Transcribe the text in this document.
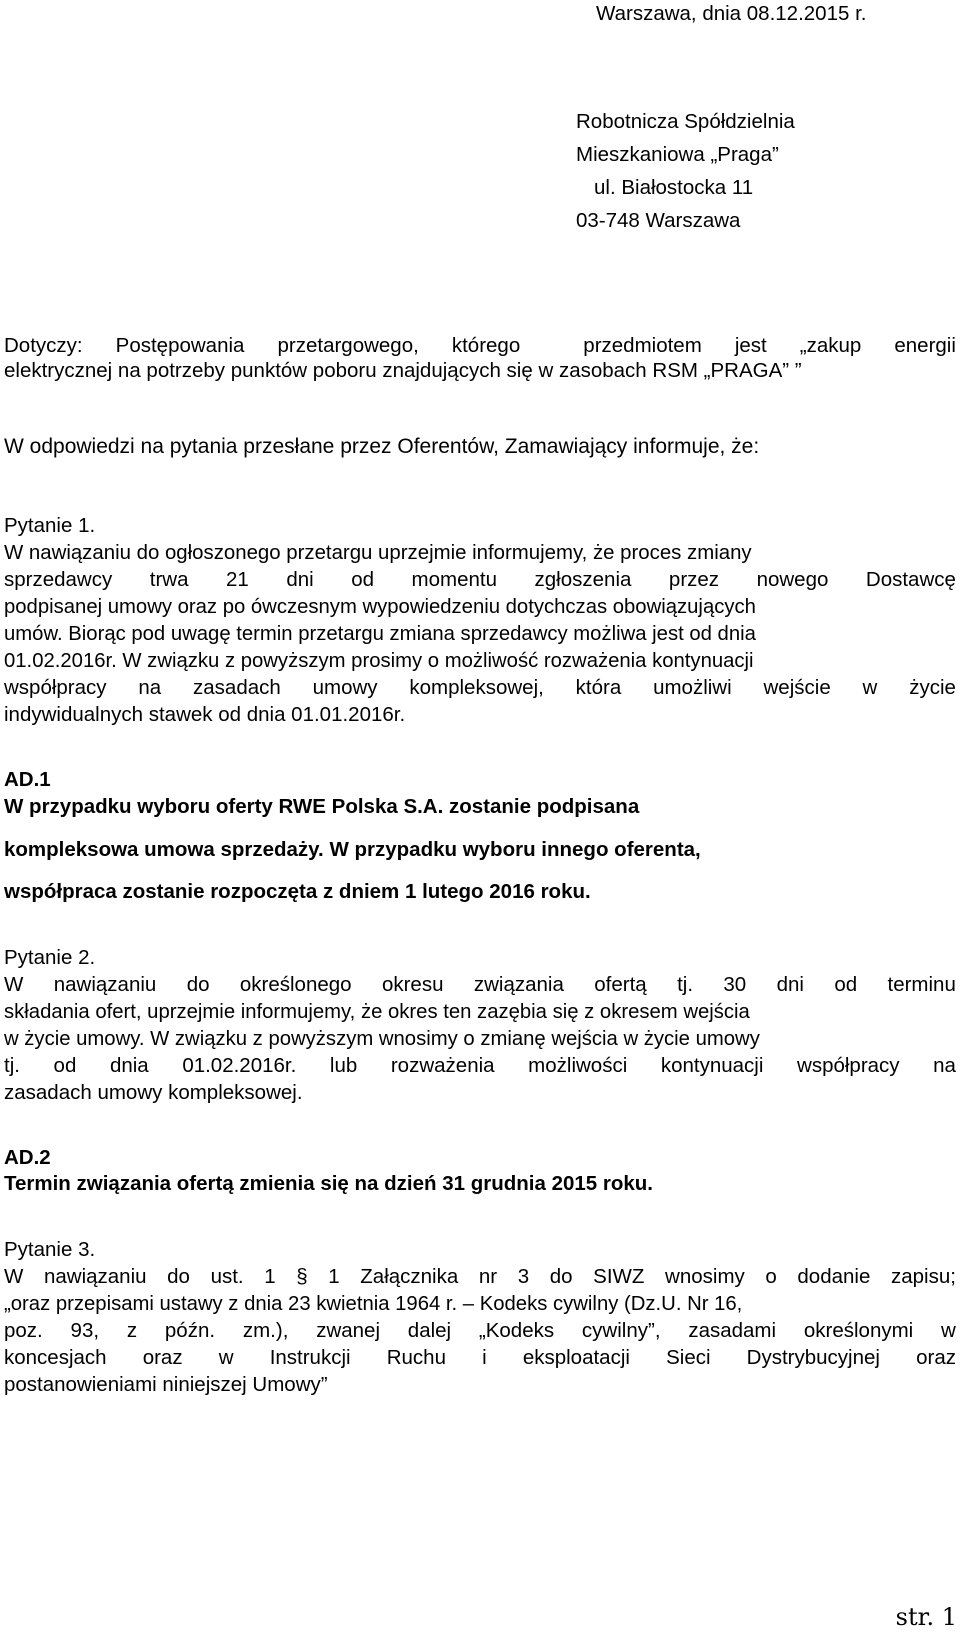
Warszawa, dnia 08.12.2015 r.
Robotnicza Spółdzielnia
Mieszkaniowa „Praga”
ul. Białostocka 11
03-748 Warszawa
Dotyczy: Postępowania przetargowego, którego	przedmiotem jest „zakup energii
elektrycznej na potrzeby punktów poboru znajdujących się w zasobach RSM „PRAGA” ”
W odpowiedzi na pytania przesłane przez Oferentów, Zamawiający informuje, że:
Pytanie 1.
W nawiązaniu do ogłoszonego przetargu uprzejmie informujemy, że proces zmiany
sprzedawcy trwa 21 dni od momentu zgłoszenia przez nowego Dostawcę
podpisanej umowy oraz po ówczesnym wypowiedzeniu dotychczas obowiązujących
umów. Biorąc pod uwagę termin przetargu zmiana sprzedawcy możliwa jest od dnia
01.02.2016r. W związku z powyższym prosimy o możliwość rozważenia kontynuacji
współpracy na zasadach umowy kompleksowej, która umożliwi wejście w życie
indywidualnych stawek od dnia 01.01.2016r.
AD.1
W przypadku wyboru oferty RWE Polska S.A. zostanie podpisana
kompleksowa umowa sprzedaży. W przypadku wyboru innego oferenta,
współpraca zostanie rozpoczęta z dniem 1 lutego 2016 roku.
Pytanie 2.
W nawiązaniu do określonego okresu związania ofertą tj. 30 dni od terminu
składania ofert, uprzejmie informujemy, że okres ten zazębia się z okresem wejścia
w życie umowy. W związku z powyższym wnosimy o zmianę wejścia w życie umowy
tj. od dnia 01.02.2016r. lub rozważenia możliwości kontynuacji współpracy na
zasadach umowy kompleksowej.
AD.2
Termin związania ofertą zmienia się na dzień 31 grudnia 2015 roku.
Pytanie 3.
W nawiązaniu do ust. 1 § 1 Załącznika nr 3 do SIWZ wnosimy o dodanie zapisu;
„oraz przepisami ustawy z dnia 23 kwietnia 1964 r. – Kodeks cywilny (Dz.U. Nr 16,
poz. 93, z późn. zm.), zwanej dalej „Kodeks cywilny”, zasadami określonymi w
koncesjach oraz w Instrukcji Ruchu i eksploatacji Sieci Dystrybucyjnej oraz
postanowieniami niniejszej Umowy”
str. 1
